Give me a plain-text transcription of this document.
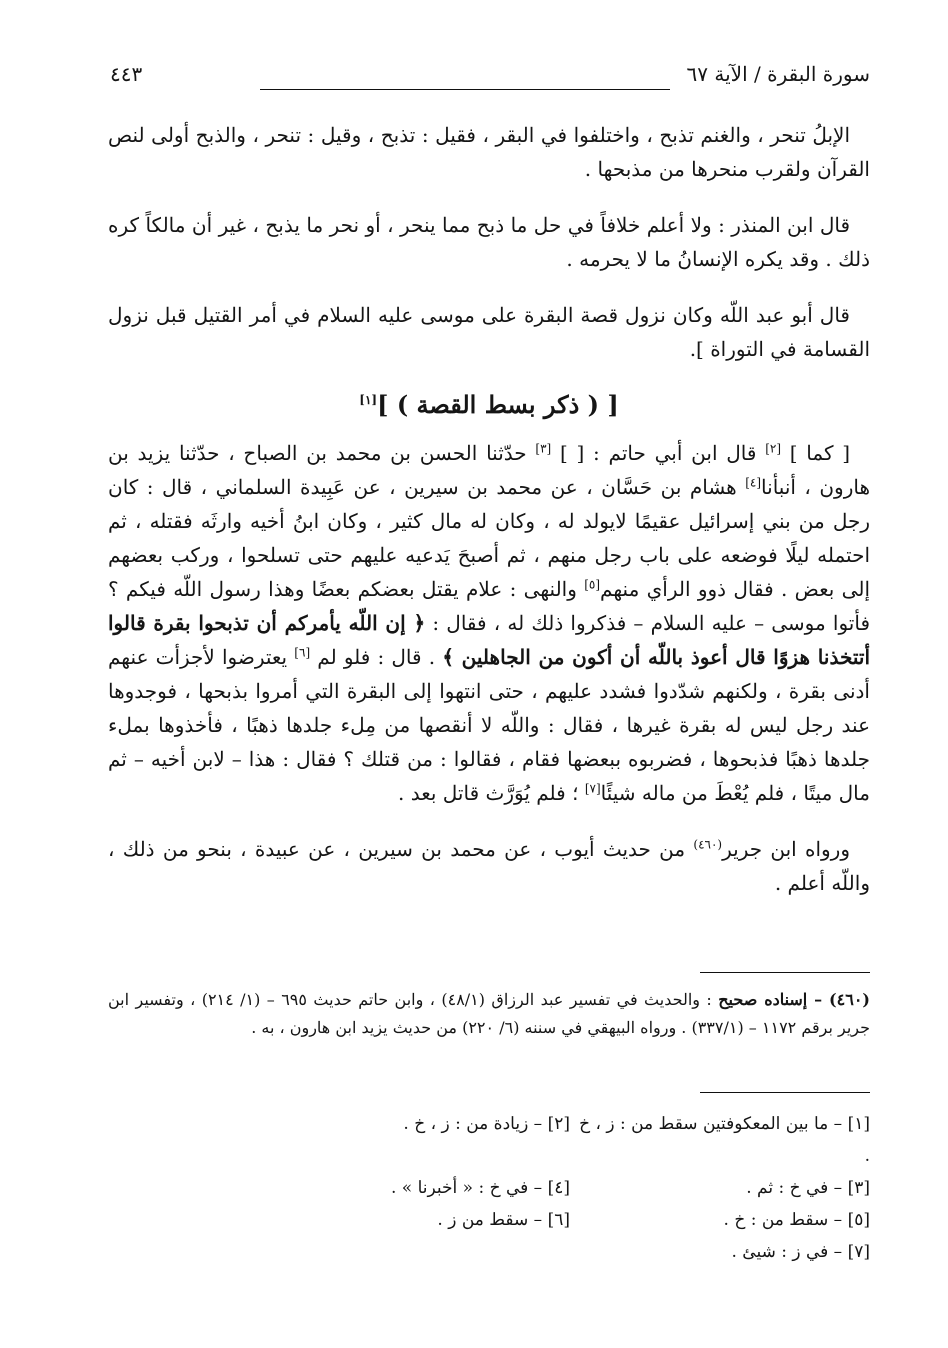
سورة البقرة / الآية ٦٧
٤٤٣

الإبلُ تنحر ، والغنم تذبح ، واختلفوا في البقر ، فقيل : تذبح ، وقيل : تنحر ، والذبح أولى لنص القرآن ولقرب منحرها من مذبحها .

قال ابن المنذر : ولا أعلم خلافاً في حل ما ذبح مما ينحر ، أو نحر ما يذبح ، غير أن مالكاً كره ذلك . وقد يكره الإنسانُ ما لا يحرمه .

قال أبو عبد اللّه وكان نزول قصة البقرة على موسى عليه السلام في أمر القتيل قبل نزول القسامة في التوراة ].

[ ( ذكر بسط القصة ) ][١]

[ كما ] [٢] قال ابن أبي حاتم : [ ] [٣] حدّثنا الحسن بن محمد بن الصباح ، حدّثنا يزيد بن هارون ، أنبأنا[٤] هشام بن حَسَّان ، عن محمد بن سيرين ، عن عَبِيدة السلماني ، قال : كان رجل من بني إسرائيل عقيمًا لايولد له ، وكان له مال كثير ، وكان ابنُ أخيه وارثَه فقتله ، ثم احتمله ليلًا فوضعه على باب رجل منهم ، ثم أصبحَ يَدعيه عليهم حتى تسلحوا ، وركب بعضهم إلى بعض . فقال ذوو الرأي منهم[٥] والنهى : علام يقتل بعضكم بعضًا وهذا رسول اللّه فيكم ؟ فأتوا موسى – عليه السلام – فذكروا ذلك له ، فقال : ﴿ إن اللّه يأمركم أن تذبحوا بقرة قالوا أتتخذنا هزوًا قال أعوذ باللّه أن أكون من الجاهلين ﴾ . قال : فلو لم [٦] يعترضوا لأجزأت عنهم أدنى بقرة ، ولكنهم شدّدوا فشدد عليهم ، حتى انتهوا إلى البقرة التي أمروا بذبحها ، فوجدوها عند رجل ليس له بقرة غيرها ، فقال : واللّه لا أنقصها من مِلء جلدها ذهبًا ، فأخذوها بملء جلدها ذهبًا فذبحوها ، فضربوه ببعضها فقام ، فقالوا : من قتلك ؟ فقال : هذا – لابن أخيه – ثم مال ميتًا ، فلم يُعْطَ من ماله شيئًا[٧] ؛ فلم يُوَرَّث قاتل بعد .

ورواه ابن جرير$^{(٤٦٠)}$ من حديث أيوب ، عن محمد بن سيرين ، عن عبيدة ، بنحو من ذلك ، واللّه أعلم .

(٤٦٠) – إسناده صحيح : والحديث في تفسير عبد الرزاق (٤٨/١) ، وابن حاتم حديث ٦٩٥ – (١/ ٢١٤) ، وتفسير ابن جرير برقم ١١٧٢ – (٣٣٧/١) . ورواه البيهقي في سننه (٦/ ٢٢٠) من حديث يزيد ابن هارون ، به .
[١] – ما بين المعكوفتين سقط من : ز ، خ .
[٢] – زيادة من : ز ، خ .
[٣] – في خ : ثم .
[٤] – في خ : « أخبرنا » .
[٥] – سقط من : خ .
[٦] – سقط من ز .
[٧] – في ز : شيئ .
